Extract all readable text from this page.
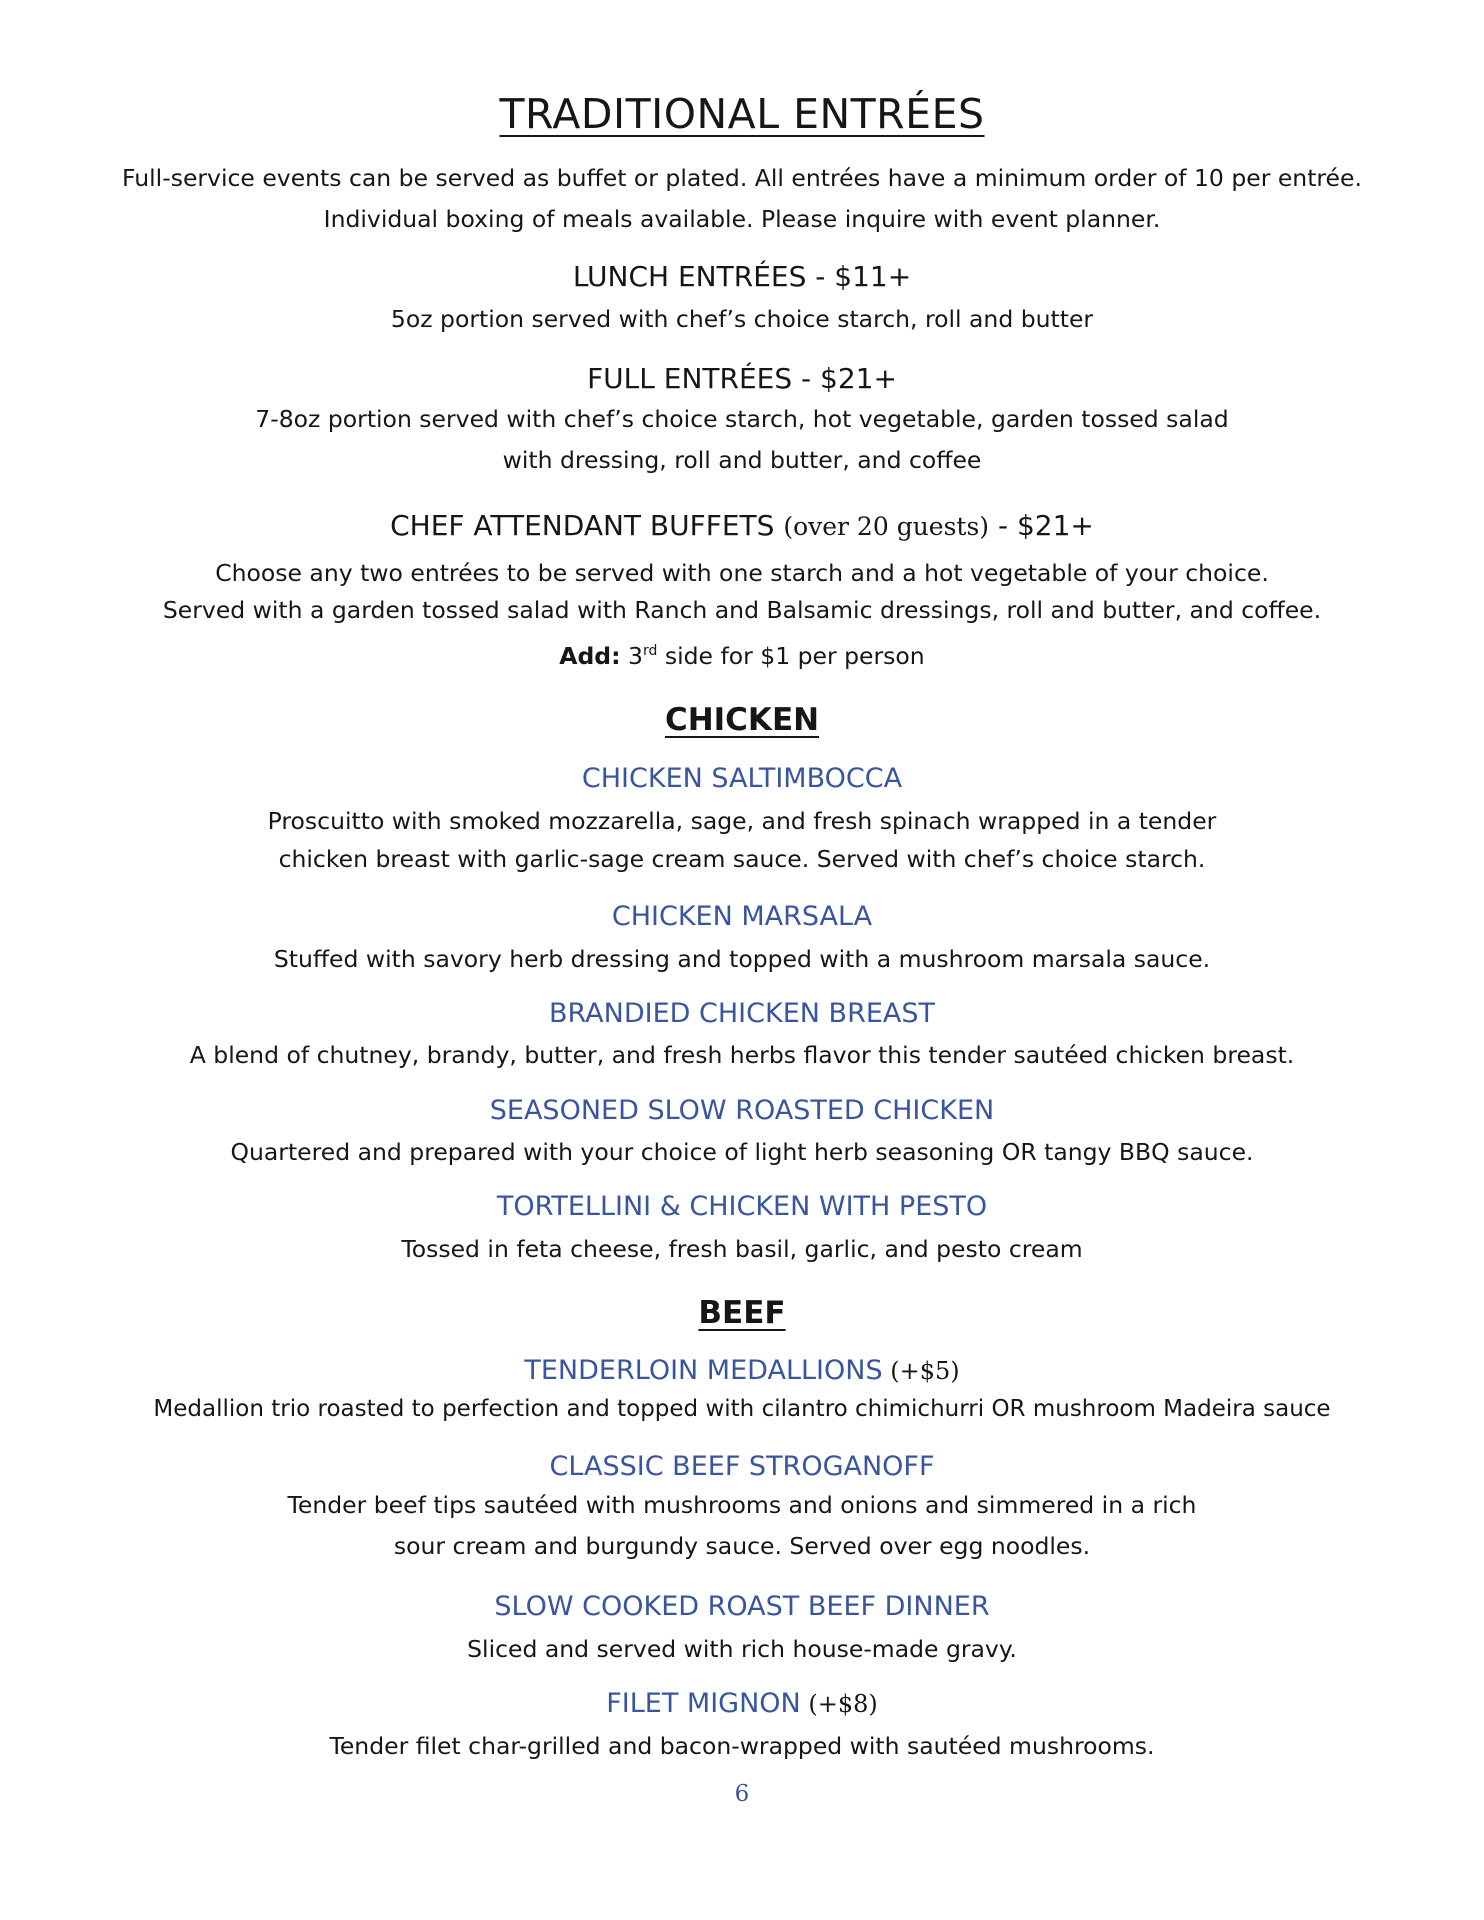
TRADITIONAL ENTRÉES
Full-service events can be served as buffet or plated. All entrées have a minimum order of 10 per entrée.
Individual boxing of meals available. Please inquire with event planner.
LUNCH ENTRÉES - $11+
5oz portion served with chef’s choice starch, roll and butter
FULL ENTRÉES - $21+
7-8oz portion served with chef’s choice starch, hot vegetable, garden tossed salad
with dressing, roll and butter, and coffee
CHEF ATTENDANT BUFFETS (over 20 guests) - $21+
Choose any two entrées to be served with one starch and a hot vegetable of your choice.
Served with a garden tossed salad with Ranch and Balsamic dressings, roll and butter, and coffee.
Add: 3rd side for $1 per person
CHICKEN
CHICKEN SALTIMBOCCA
Proscuitto with smoked mozzarella, sage, and fresh spinach wrapped in a tender
chicken breast with garlic-sage cream sauce. Served with chef’s choice starch.
CHICKEN MARSALA
Stuffed with savory herb dressing and topped with a mushroom marsala sauce.
BRANDIED CHICKEN BREAST
A blend of chutney, brandy, butter, and fresh herbs flavor this tender sautéed chicken breast.
SEASONED SLOW ROASTED CHICKEN
Quartered and prepared with your choice of light herb seasoning OR tangy BBQ sauce.
TORTELLINI & CHICKEN WITH PESTO
Tossed in feta cheese, fresh basil, garlic, and pesto cream
BEEF
TENDERLOIN MEDALLIONS (+$5)
Medallion trio roasted to perfection and topped with cilantro chimichurri OR mushroom Madeira sauce
CLASSIC BEEF STROGANOFF
Tender beef tips sautéed with mushrooms and onions and simmered in a rich
sour cream and burgundy sauce. Served over egg noodles.
SLOW COOKED ROAST BEEF DINNER
Sliced and served with rich house-made gravy.
FILET MIGNON (+$8)
Tender filet char-grilled and bacon-wrapped with sautéed mushrooms.
6
